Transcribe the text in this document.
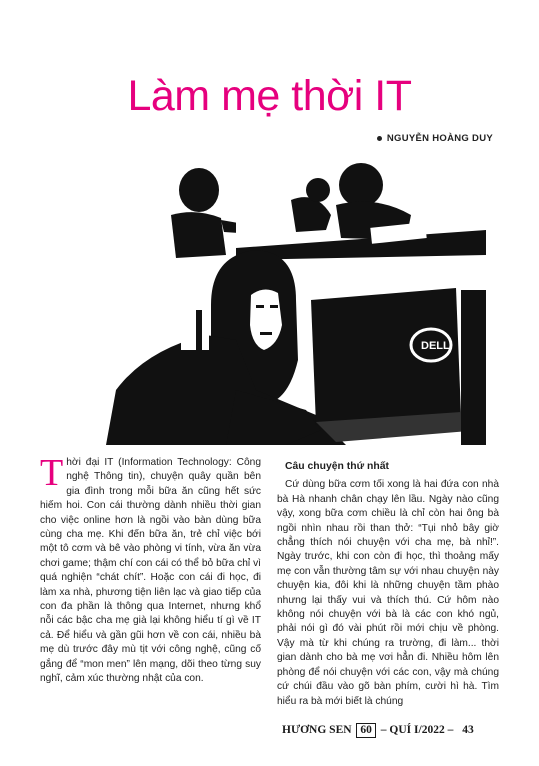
Làm mẹ thời IT
NGUYỄN HOÀNG DUY
DELL

Thời đại IT (Information Technology: Công nghệ Thông tin), chuyện quây quần bên gia đình trong mỗi bữa ăn cũng hết sức hiếm hoi. Con cái thường dành nhiều thời gian cho việc online hơn là ngồi vào bàn dùng bữa cùng cha mẹ. Khi đến bữa ăn, trẻ chỉ việc bới một tô cơm và bê vào phòng vi tính, vừa ăn vừa chơi game; thậm chí con cái có thể bỏ bữa chỉ vì quá nghiện “chát chít”. Hoặc con cái đi học, đi làm xa nhà, phương tiện liên lạc và giao tiếp của con đa phần là thông qua Internet, nhưng khổ nỗi các bậc cha mẹ già lại không hiểu tí gì về IT cả. Để hiểu và gần gũi hơn về con cái, nhiều bà mẹ dù trước đây mù tịt với công nghệ, cũng cố gắng để “mon men” lên mạng, dõi theo từng suy nghĩ, cảm xúc thường nhật của con.

Câu chuyện thứ nhất

Cứ dùng bữa cơm tối xong là hai đứa con nhà bà Hà nhanh chân chạy lên lầu. Ngày nào cũng vậy, xong bữa cơm chiều là chỉ còn hai ông bà ngồi nhìn nhau rồi than thở: “Tụi nhỏ bây giờ chẳng thích nói chuyện với cha mẹ, bà nhỉ!”. Ngày trước, khi con còn đi học, thì thoảng mấy mẹ con vẫn thường tâm sự với nhau chuyện này chuyện kia, đôi khi là những chuyện tầm phào nhưng lại thấy vui và thích thú. Cứ hôm nào không nói chuyện với bà là các con khó ngủ, phải nói gì đó vài phút rồi mới chịu về phòng. Vậy mà từ khi chúng ra trường, đi làm... thời gian dành cho bà mẹ vơi hẳn đi. Nhiều hôm lên phòng để nói chuyện với các con, vậy mà chúng cứ chúi đầu vào gõ bàn phím, cười hì hà. Tìm hiểu ra bà mới biết là chúng

HƯƠNG SEN 60 – QUÍ I/2022 – 43
